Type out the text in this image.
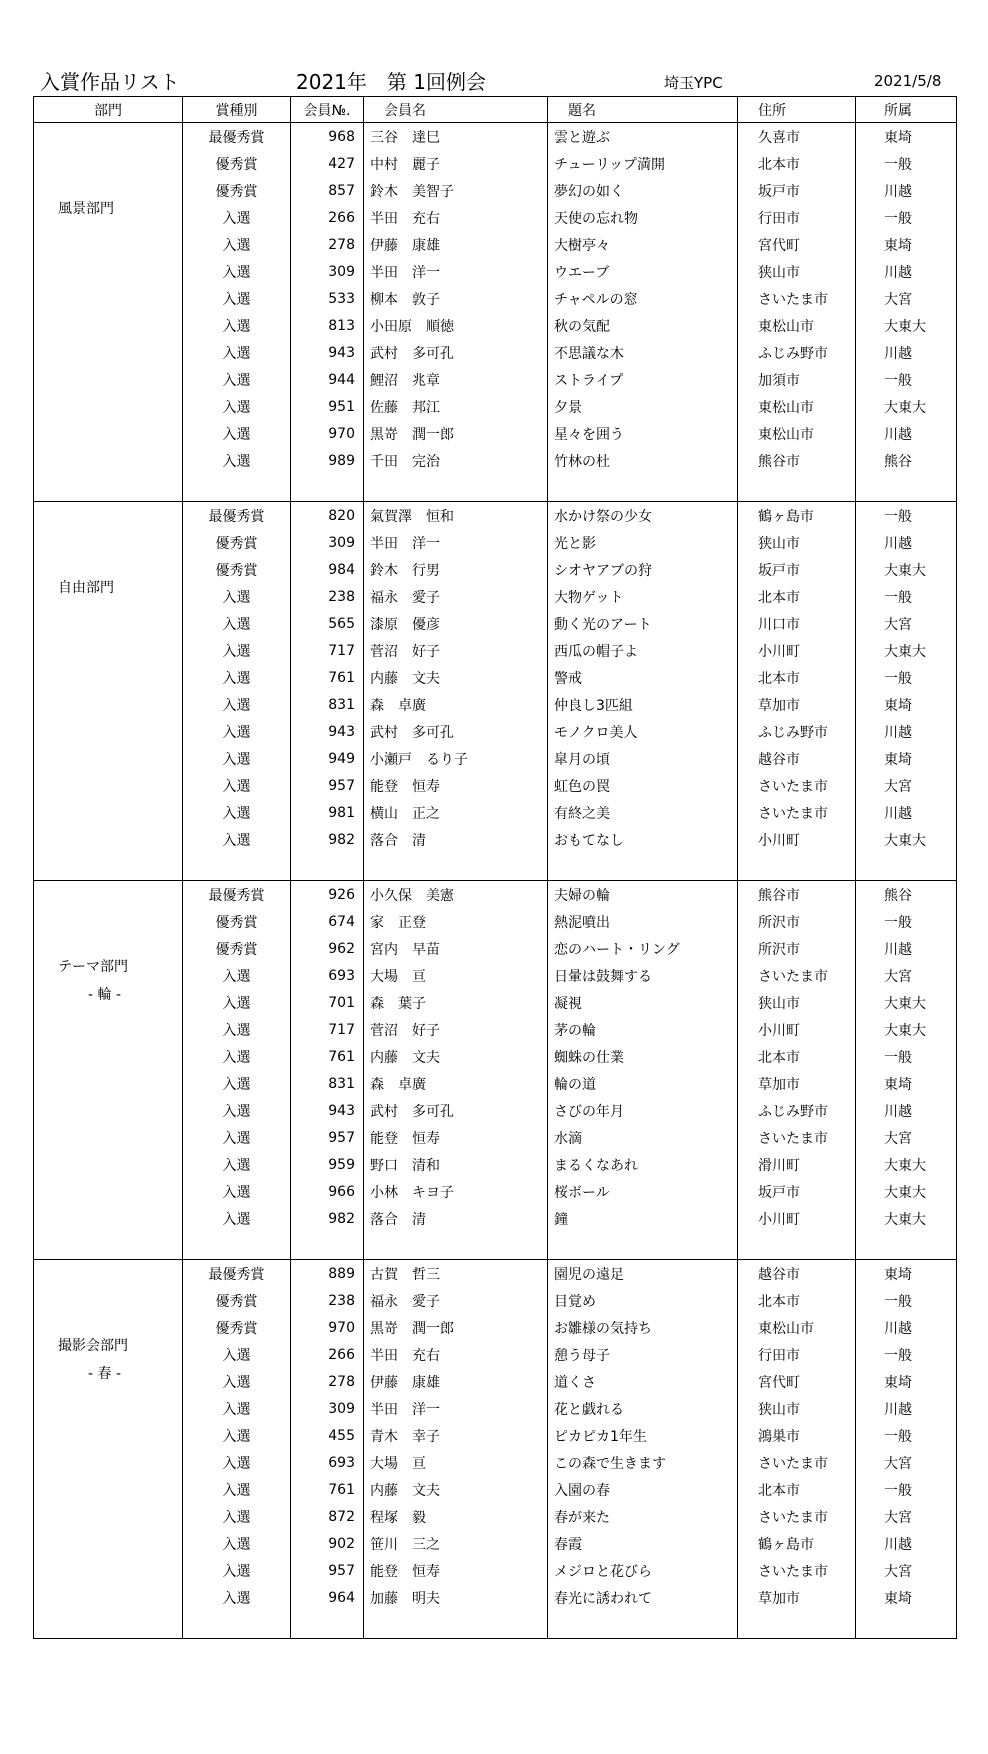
入賞作品リスト	2021年　第 1回例会	埼玉YPC	2021/5/8
部門	賞種別	会員№.	会員名	題名	住所	所属

風景部門	最優秀賞	968	三谷　達巳	雲と遊ぶ	久喜市	東埼
	優秀賞	427	中村　麗子	チューリップ満開	北本市	一般
	優秀賞	857	鈴木　美智子	夢幻の如く	坂戸市	川越
	入選	266	半田　充右	天使の忘れ物	行田市	一般
	入選	278	伊藤　康雄	大樹亭々	宮代町	東埼
	入選	309	半田　洋一	ウエーブ	狭山市	川越
	入選	533	柳本　敦子	チャペルの窓	さいたま市	大宮
	入選	813	小田原　順徳	秋の気配	東松山市	大東大
	入選	943	武村　多可孔	不思議な木	ふじみ野市	川越
	入選	944	鯉沼　兆章	ストライプ	加須市	一般
	入選	951	佐藤　邦江	夕景	東松山市	大東大
	入選	970	黒嵜　潤一郎	星々を囲う	東松山市	川越
	入選	989	千田　完治	竹林の杜	熊谷市	熊谷

自由部門	最優秀賞	820	氣賀澤　恒和	水かけ祭の少女	鶴ヶ島市	一般
	優秀賞	309	半田　洋一	光と影	狭山市	川越
	優秀賞	984	鈴木　行男	シオヤアブの狩	坂戸市	大東大
	入選	238	福永　愛子	大物ゲット	北本市	一般
	入選	565	漆原　優彦	動く光のアート	川口市	大宮
	入選	717	菅沼　好子	西瓜の帽子よ	小川町	大東大
	入選	761	内藤　文夫	警戒	北本市	一般
	入選	831	森　卓廣	仲良し3匹組	草加市	東埼
	入選	943	武村　多可孔	モノクロ美人	ふじみ野市	川越
	入選	949	小瀬戸　るり子	皐月の頃	越谷市	東埼
	入選	957	能登　恒寿	虹色の罠	さいたま市	大宮
	入選	981	横山　正之	有終之美	さいたま市	川越
	入選	982	落合　清	おもてなし	小川町	大東大

テーマ部門
- 輪 -	最優秀賞	926	小久保　美憲	夫婦の輪	熊谷市	熊谷
	優秀賞	674	家　正登	熱泥噴出	所沢市	一般
	優秀賞	962	宮内　早苗	恋のハート・リング	所沢市	川越
	入選	693	大場　亘	日暈は鼓舞する	さいたま市	大宮
	入選	701	森　葉子	凝視	狭山市	大東大
	入選	717	菅沼　好子	茅の輪	小川町	大東大
	入選	761	内藤　文夫	蜘蛛の仕業	北本市	一般
	入選	831	森　卓廣	輪の道	草加市	東埼
	入選	943	武村　多可孔	さびの年月	ふじみ野市	川越
	入選	957	能登　恒寿	水滴	さいたま市	大宮
	入選	959	野口　清和	まるくなあれ	滑川町	大東大
	入選	966	小林　キヨ子	桜ボール	坂戸市	大東大
	入選	982	落合　清	鐘	小川町	大東大

撮影会部門
- 春 -	最優秀賞	889	古賀　哲三	園児の遠足	越谷市	東埼
	優秀賞	238	福永　愛子	目覚め	北本市	一般
	優秀賞	970	黒嵜　潤一郎	お雛様の気持ち	東松山市	川越
	入選	266	半田　充右	憩う母子	行田市	一般
	入選	278	伊藤　康雄	道くさ	宮代町	東埼
	入選	309	半田　洋一	花と戯れる	狭山市	川越
	入選	455	青木　幸子	ピカピカ1年生	鴻巣市	一般
	入選	693	大場　亘	この森で生きます	さいたま市	大宮
	入選	761	内藤　文夫	入園の春	北本市	一般
	入選	872	程塚　毅	春が来た	さいたま市	大宮
	入選	902	笹川　三之	春霞	鶴ヶ島市	川越
	入選	957	能登　恒寿	メジロと花びら	さいたま市	大宮
	入選	964	加藤　明夫	春光に誘われて	草加市	東埼
